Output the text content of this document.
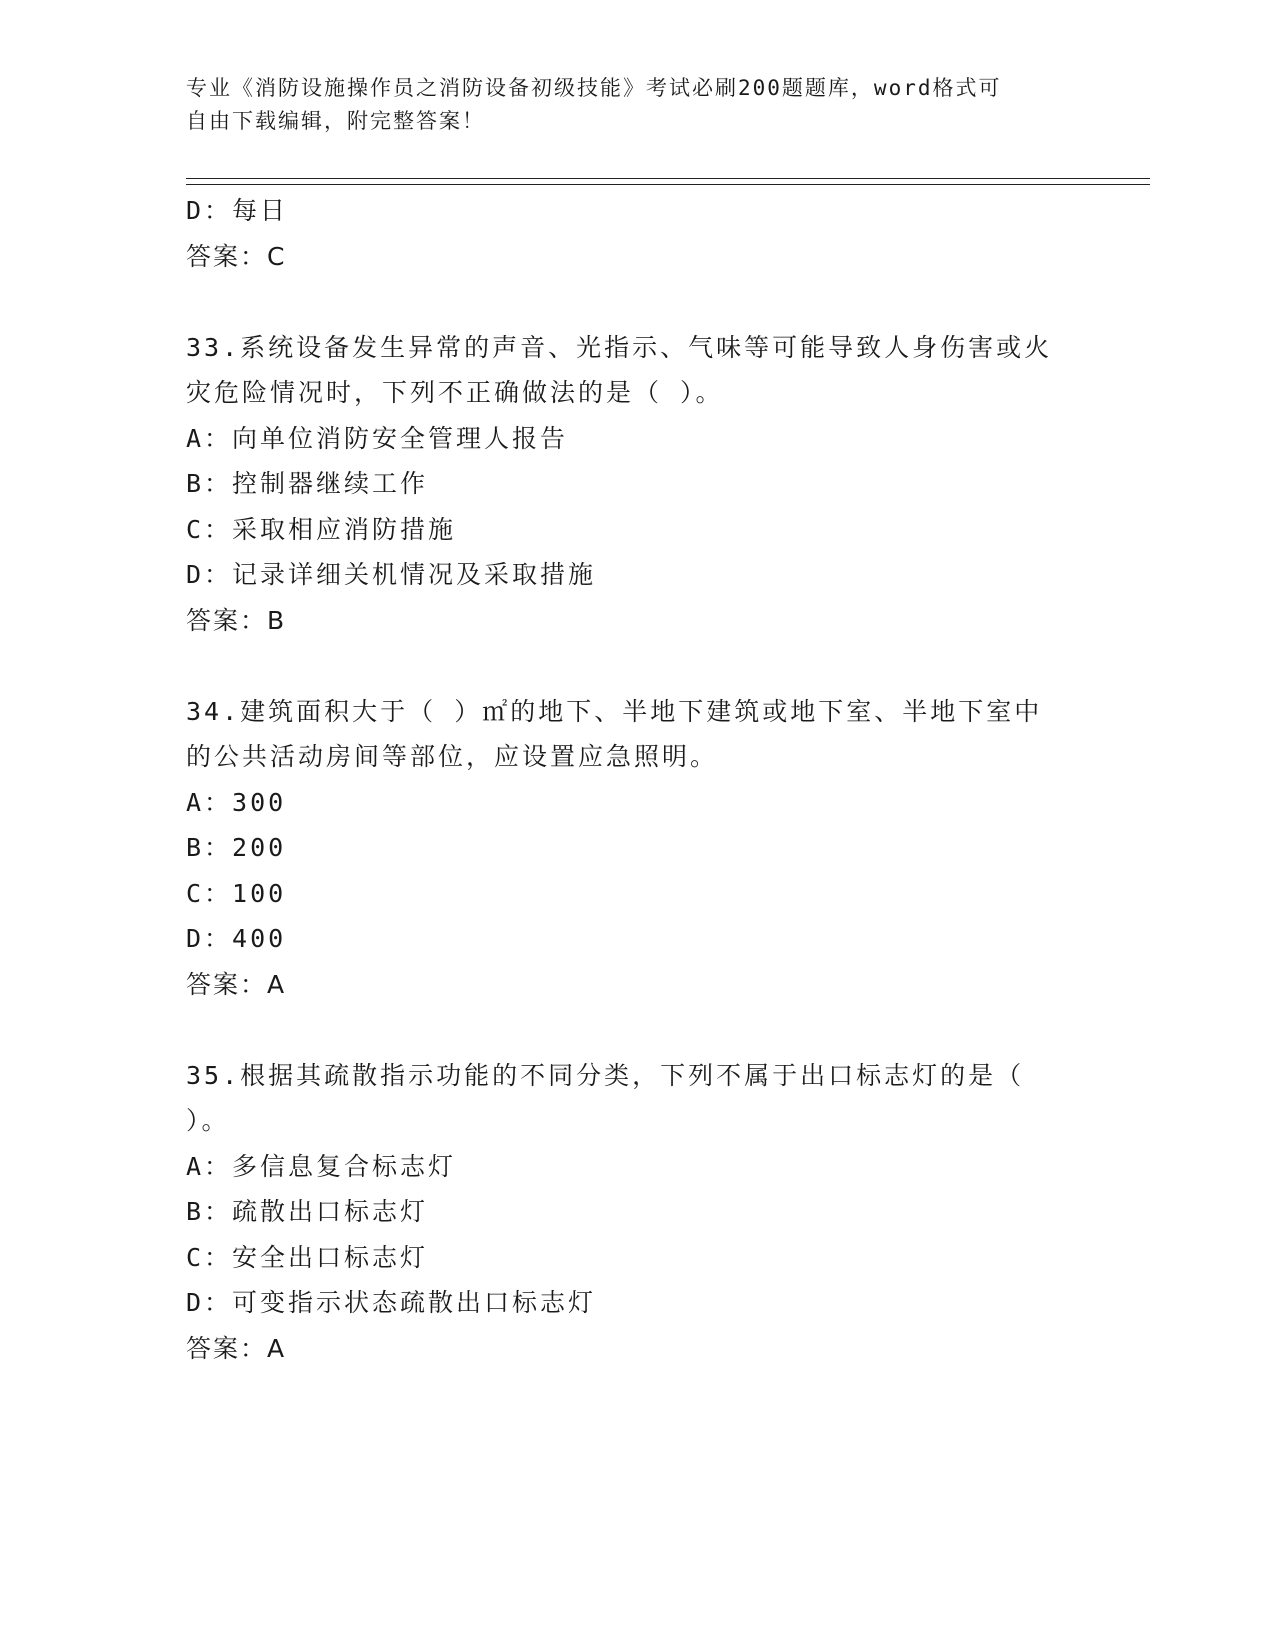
专业《消防设施操作员之消防设备初级技能》考试必刷200题题库，word格式可
自由下载编辑，附完整答案！
D：每日
答案：C
33.系统设备发生异常的声音、光指示、气味等可能导致人身伤害或火
灾危险情况时，下列不正确做法的是（ ）。
A：向单位消防安全管理人报告
B：控制器继续工作
C：采取相应消防措施
D：记录详细关机情况及采取措施
答案：B
34.建筑面积大于（ ）㎡的地下、半地下建筑或地下室、半地下室中
的公共活动房间等部位，应设置应急照明。
A：300
B：200
C：100
D：400
答案：A
35.根据其疏散指示功能的不同分类，下列不属于出口标志灯的是（
）。
A：多信息复合标志灯
B：疏散出口标志灯
C：安全出口标志灯
D：可变指示状态疏散出口标志灯
答案：A
